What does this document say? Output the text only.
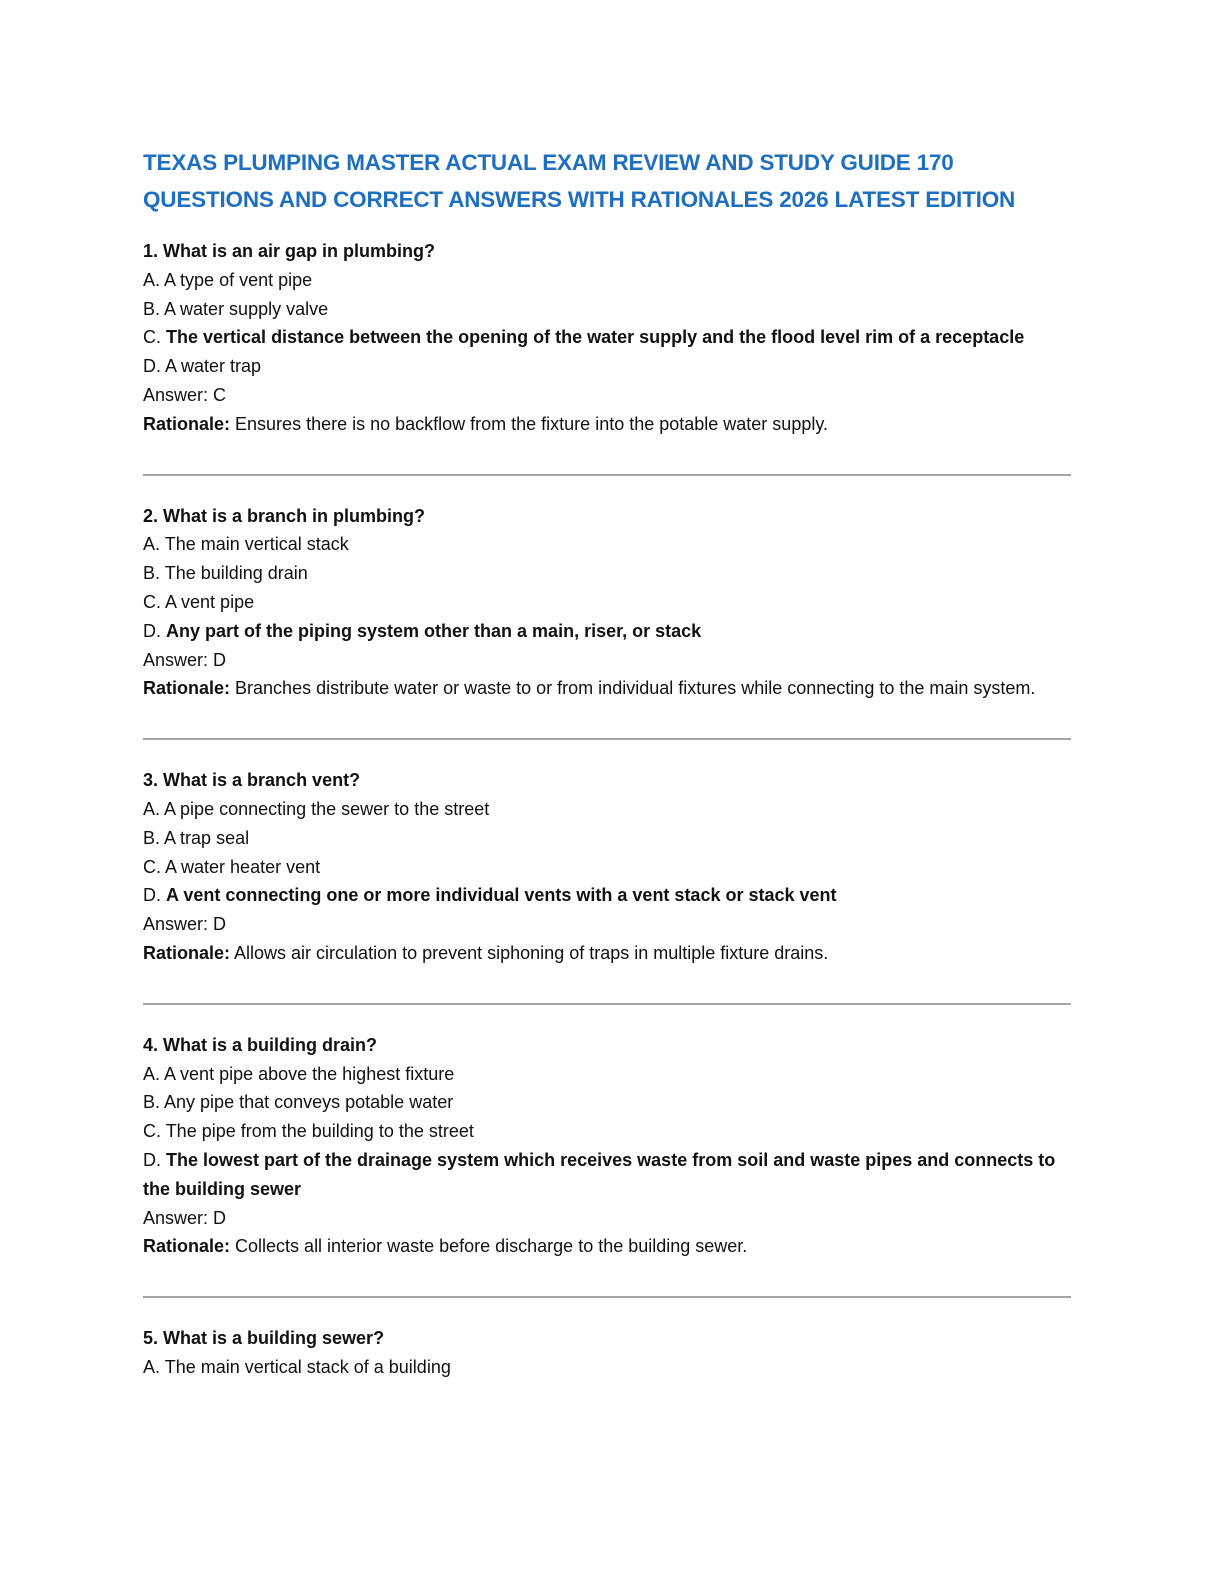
TEXAS PLUMPING MASTER ACTUAL EXAM REVIEW AND STUDY GUIDE 170
QUESTIONS AND CORRECT ANSWERS WITH RATIONALES 2026 LATEST EDITION

1. What is an air gap in plumbing?

A. A type of vent pipe

B. A water supply valve

C. The vertical distance between the opening of the water supply and the flood level rim of a receptacle

D. A water trap

Answer: C

Rationale: Ensures there is no backflow from the fixture into the potable water supply.

2. What is a branch in plumbing?

A. The main vertical stack

B. The building drain

C. A vent pipe

D. Any part of the piping system other than a main, riser, or stack

Answer: D

Rationale: Branches distribute water or waste to or from individual fixtures while connecting to the main system.

3. What is a branch vent?

A. A pipe connecting the sewer to the street

B. A trap seal

C. A water heater vent

D. A vent connecting one or more individual vents with a vent stack or stack vent

Answer: D

Rationale: Allows air circulation to prevent siphoning of traps in multiple fixture drains.

4. What is a building drain?

A. A vent pipe above the highest fixture

B. Any pipe that conveys potable water

C. The pipe from the building to the street

D. The lowest part of the drainage system which receives waste from soil and waste pipes and connects to the building sewer

Answer: D

Rationale: Collects all interior waste before discharge to the building sewer.

5. What is a building sewer?

A. The main vertical stack of a building
